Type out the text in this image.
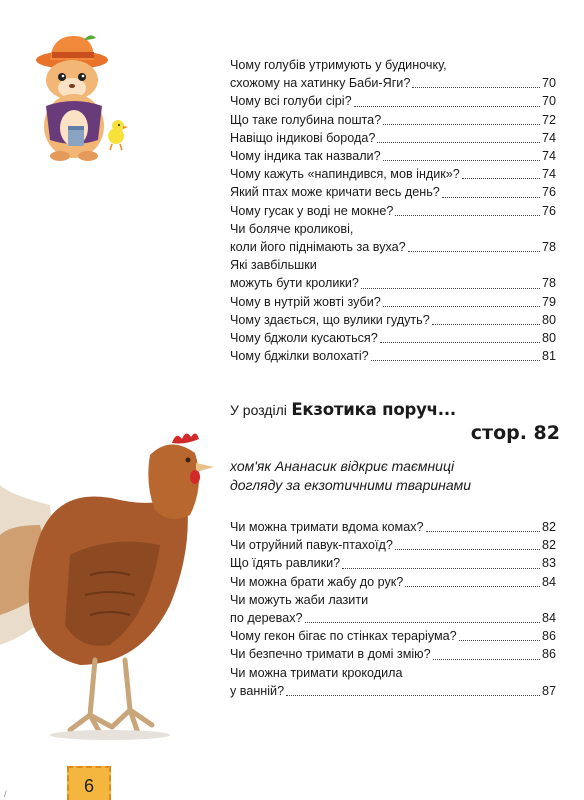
Чому голубів утримують у будиночку,
схожому на хатинку Баби-Яги?	70
Чому всі голуби сірі?	70
Що таке голубина пошта?	72
Навіщо індикові борода?	74
Чому індика так назвали?	74
Чому кажуть «напиндився, мов індик»?	74
Який птах може кричати весь день?	76
Чому гусак у воді не мокне?	76
Чи боляче кроликові,
коли його піднімають за вуха?	78
Які завбільшки
можуть бути кролики?	78
Чому в нутрій жовті зуби?	79
Чому здається, що вулики гудуть?	80
Чому бджоли кусаються?	80
Чому бджілки волохаті?	81
У розділі Екзотика поруч...
стор. 82
хом'як Ананасик відкриє таємниці
догляду за екзотичними тваринами
Чи можна тримати вдома комах?	82
Чи отруйний павук-птахоїд?	82
Що їдять равлики?	83
Чи можна брати жабу до рук?	84
Чи можуть жаби лазити
по деревах?	84
Чому гекон бігає по стінках тераріума?	86
Чи безпечно тримати в домі змію?	86
Чи можна тримати крокодила
у ванній?	87
6
/
